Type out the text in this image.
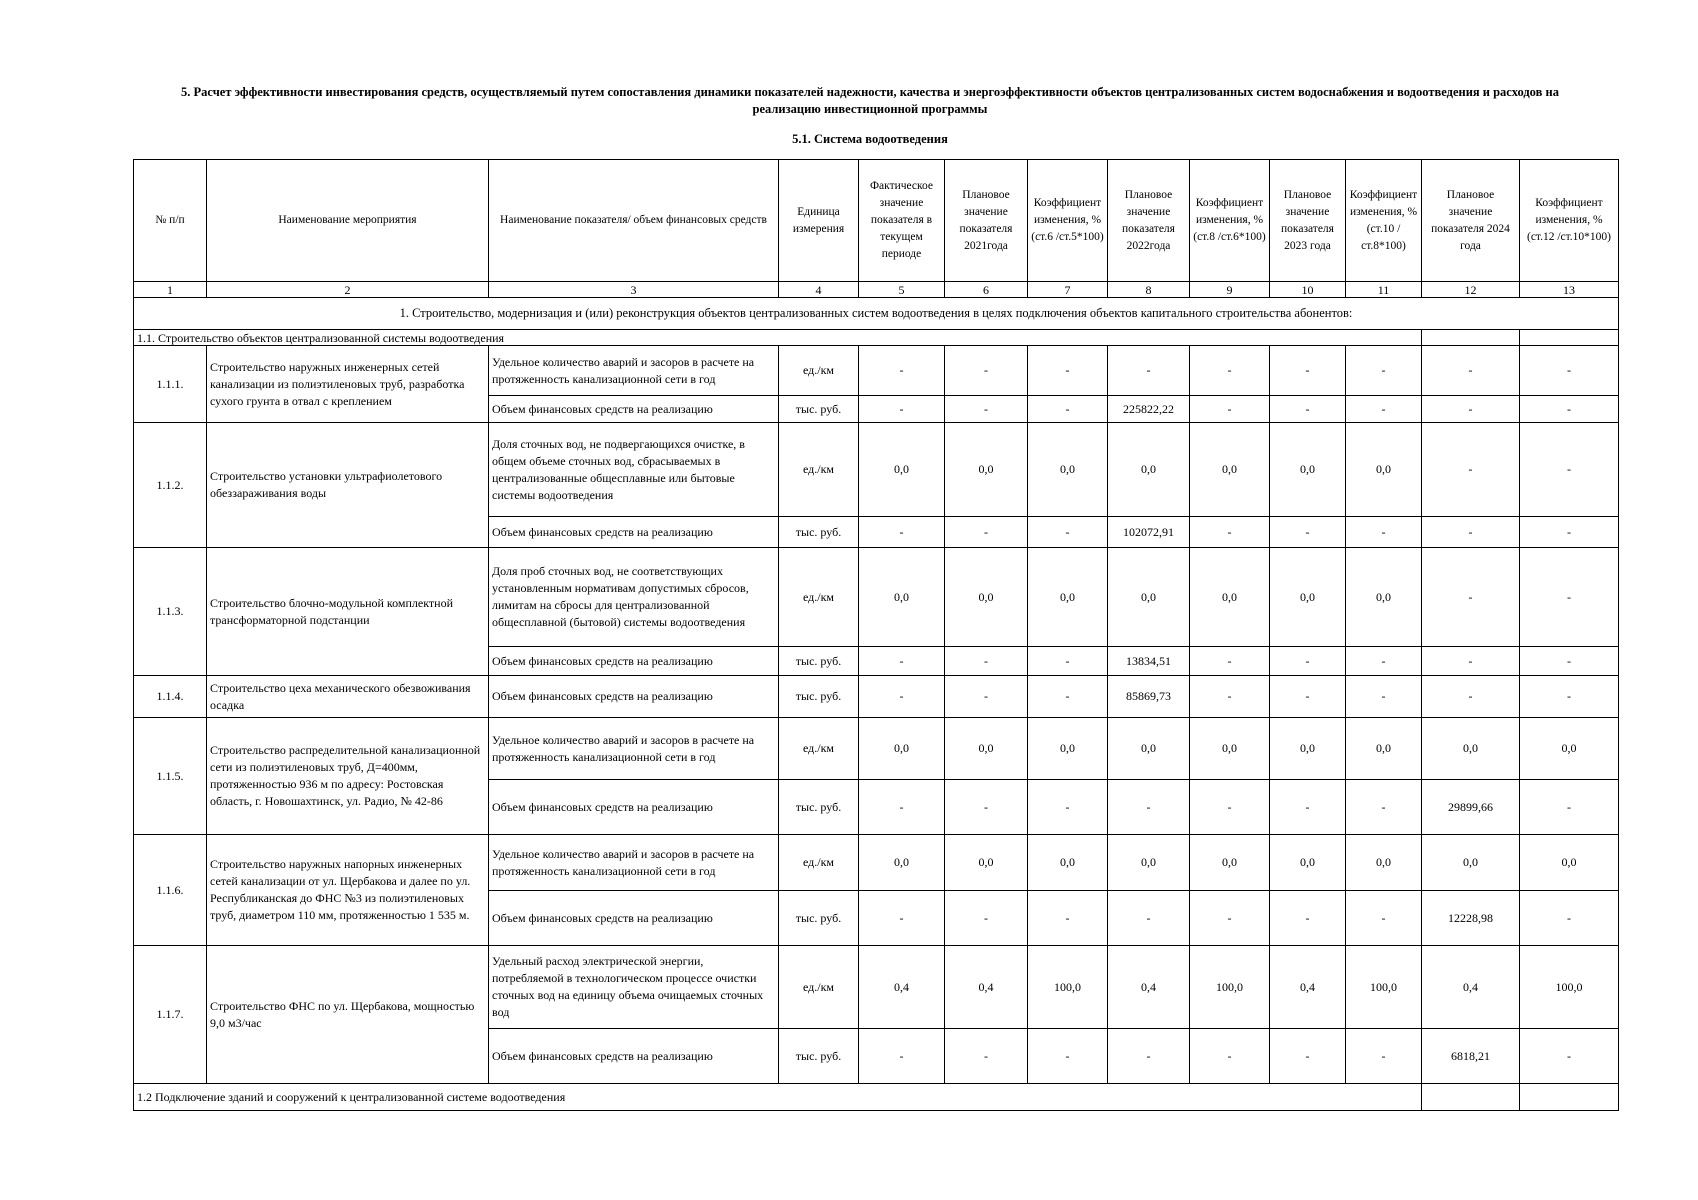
5. Расчет эффективности инвестирования средств, осуществляемый путем сопоставления динамики показателей надежности, качества и энергоэффективности объектов централизованных систем водоснабжения и водоотведения и расходов на реализацию инвестиционной программы
5.1. Система водоотведения
№ п/п	Наименование мероприятия	Наименование показателя/ объем финансовых средств	Единица измерения	Фактическое значение показателя в текущем периоде	Плановое значение показателя 2021года	Коэффициент изменения, % (ст.6 /ст.5*100)	Плановое значение показателя 2022года	Коэффициент изменения, % (ст.8 /ст.6*100)	Плановое значение показателя 2023 года	Коэффициент изменения, % (ст.10 /ст.8*100)	Плановое значение показателя 2024 года	Коэффициент изменения, % (ст.12 /ст.10*100)
1	2	3	4	5	6	7	8	9	10	11	12	13
1. Строительство, модернизация и (или) реконструкция объектов централизованных систем водоотведения в целях подключения объектов капитального строительства абонентов:												
1.1. Строительство объектов централизованной системы водоотведения												
1.1.1.	Строительство наружных инженерных сетей канализации из полиэтиленовых труб, разработка сухого грунта в отвал с креплением	Удельное количество аварий и засоров в расчете на протяженность канализационной сети в год	ед./км	-	-	-	-	-	-	-	-	-
		Объем финансовых средств на реализацию	тыс. руб.	-	-	-	225822,22	-	-	-	-	-
1.1.2.	Строительство установки ультрафиолетового обеззараживания воды	Доля сточных вод, не подвергающихся очистке, в общем объеме сточных вод, сбрасываемых в централизованные общесплавные или бытовые системы водоотведения	ед./км	0,0	0,0	0,0	0,0	0,0	0,0	0,0	-	-
		Объем финансовых средств на реализацию	тыс. руб.	-	-	-	102072,91	-	-	-	-	-
1.1.3.	Строительство блочно-модульной комплектной трансформаторной подстанции	Доля проб сточных вод, не соответствующих установленным нормативам допустимых сбросов, лимитам на сбросы для централизованной общесплавной (бытовой) системы водоотведения	ед./км	0,0	0,0	0,0	0,0	0,0	0,0	0,0	-	-
		Объем финансовых средств на реализацию	тыс. руб.	-	-	-	13834,51	-	-	-	-	-
1.1.4.	Строительство цеха механического обезвоживания осадка	Объем финансовых средств на реализацию	тыс. руб.	-	-	-	85869,73	-	-	-	-	-
1.1.5.	Строительство распределительной канализационной сети из полиэтиленовых труб, Д=400мм, протяженностью 936 м по адресу: Ростовская область, г. Новошахтинск, ул. Радио, № 42-86	Удельное количество аварий и засоров в расчете на протяженность канализационной сети в год	ед./км	0,0	0,0	0,0	0,0	0,0	0,0	0,0	0,0	0,0
		Объем финансовых средств на реализацию	тыс. руб.	-	-	-	-	-	-	-	29899,66	-
1.1.6.	Строительство наружных напорных инженерных сетей канализации от ул. Щербакова и далее по ул. Республиканская до ФНС №3 из полиэтиленовых труб, диаметром 110 мм, протяженностью 1 535 м.	Удельное количество аварий и засоров в расчете на протяженность канализационной сети в год	ед./км	0,0	0,0	0,0	0,0	0,0	0,0	0,0	0,0	0,0
		Объем финансовых средств на реализацию	тыс. руб.	-	-	-	-	-	-	-	12228,98	-
1.1.7.	Строительство ФНС по ул. Щербакова, мощностью 9,0 м3/час	Удельный расход электрической энергии, потребляемой в технологическом процессе очистки сточных вод на единицу объема очищаемых сточных вод	ед./км	0,4	0,4	100,0	0,4	100,0	0,4	100,0	0,4	100,0
		Объем финансовых средств на реализацию	тыс. руб.	-	-	-	-	-	-	-	6818,21	-
1.2 Подключение зданий и сооружений к централизованной системе водоотведения												
